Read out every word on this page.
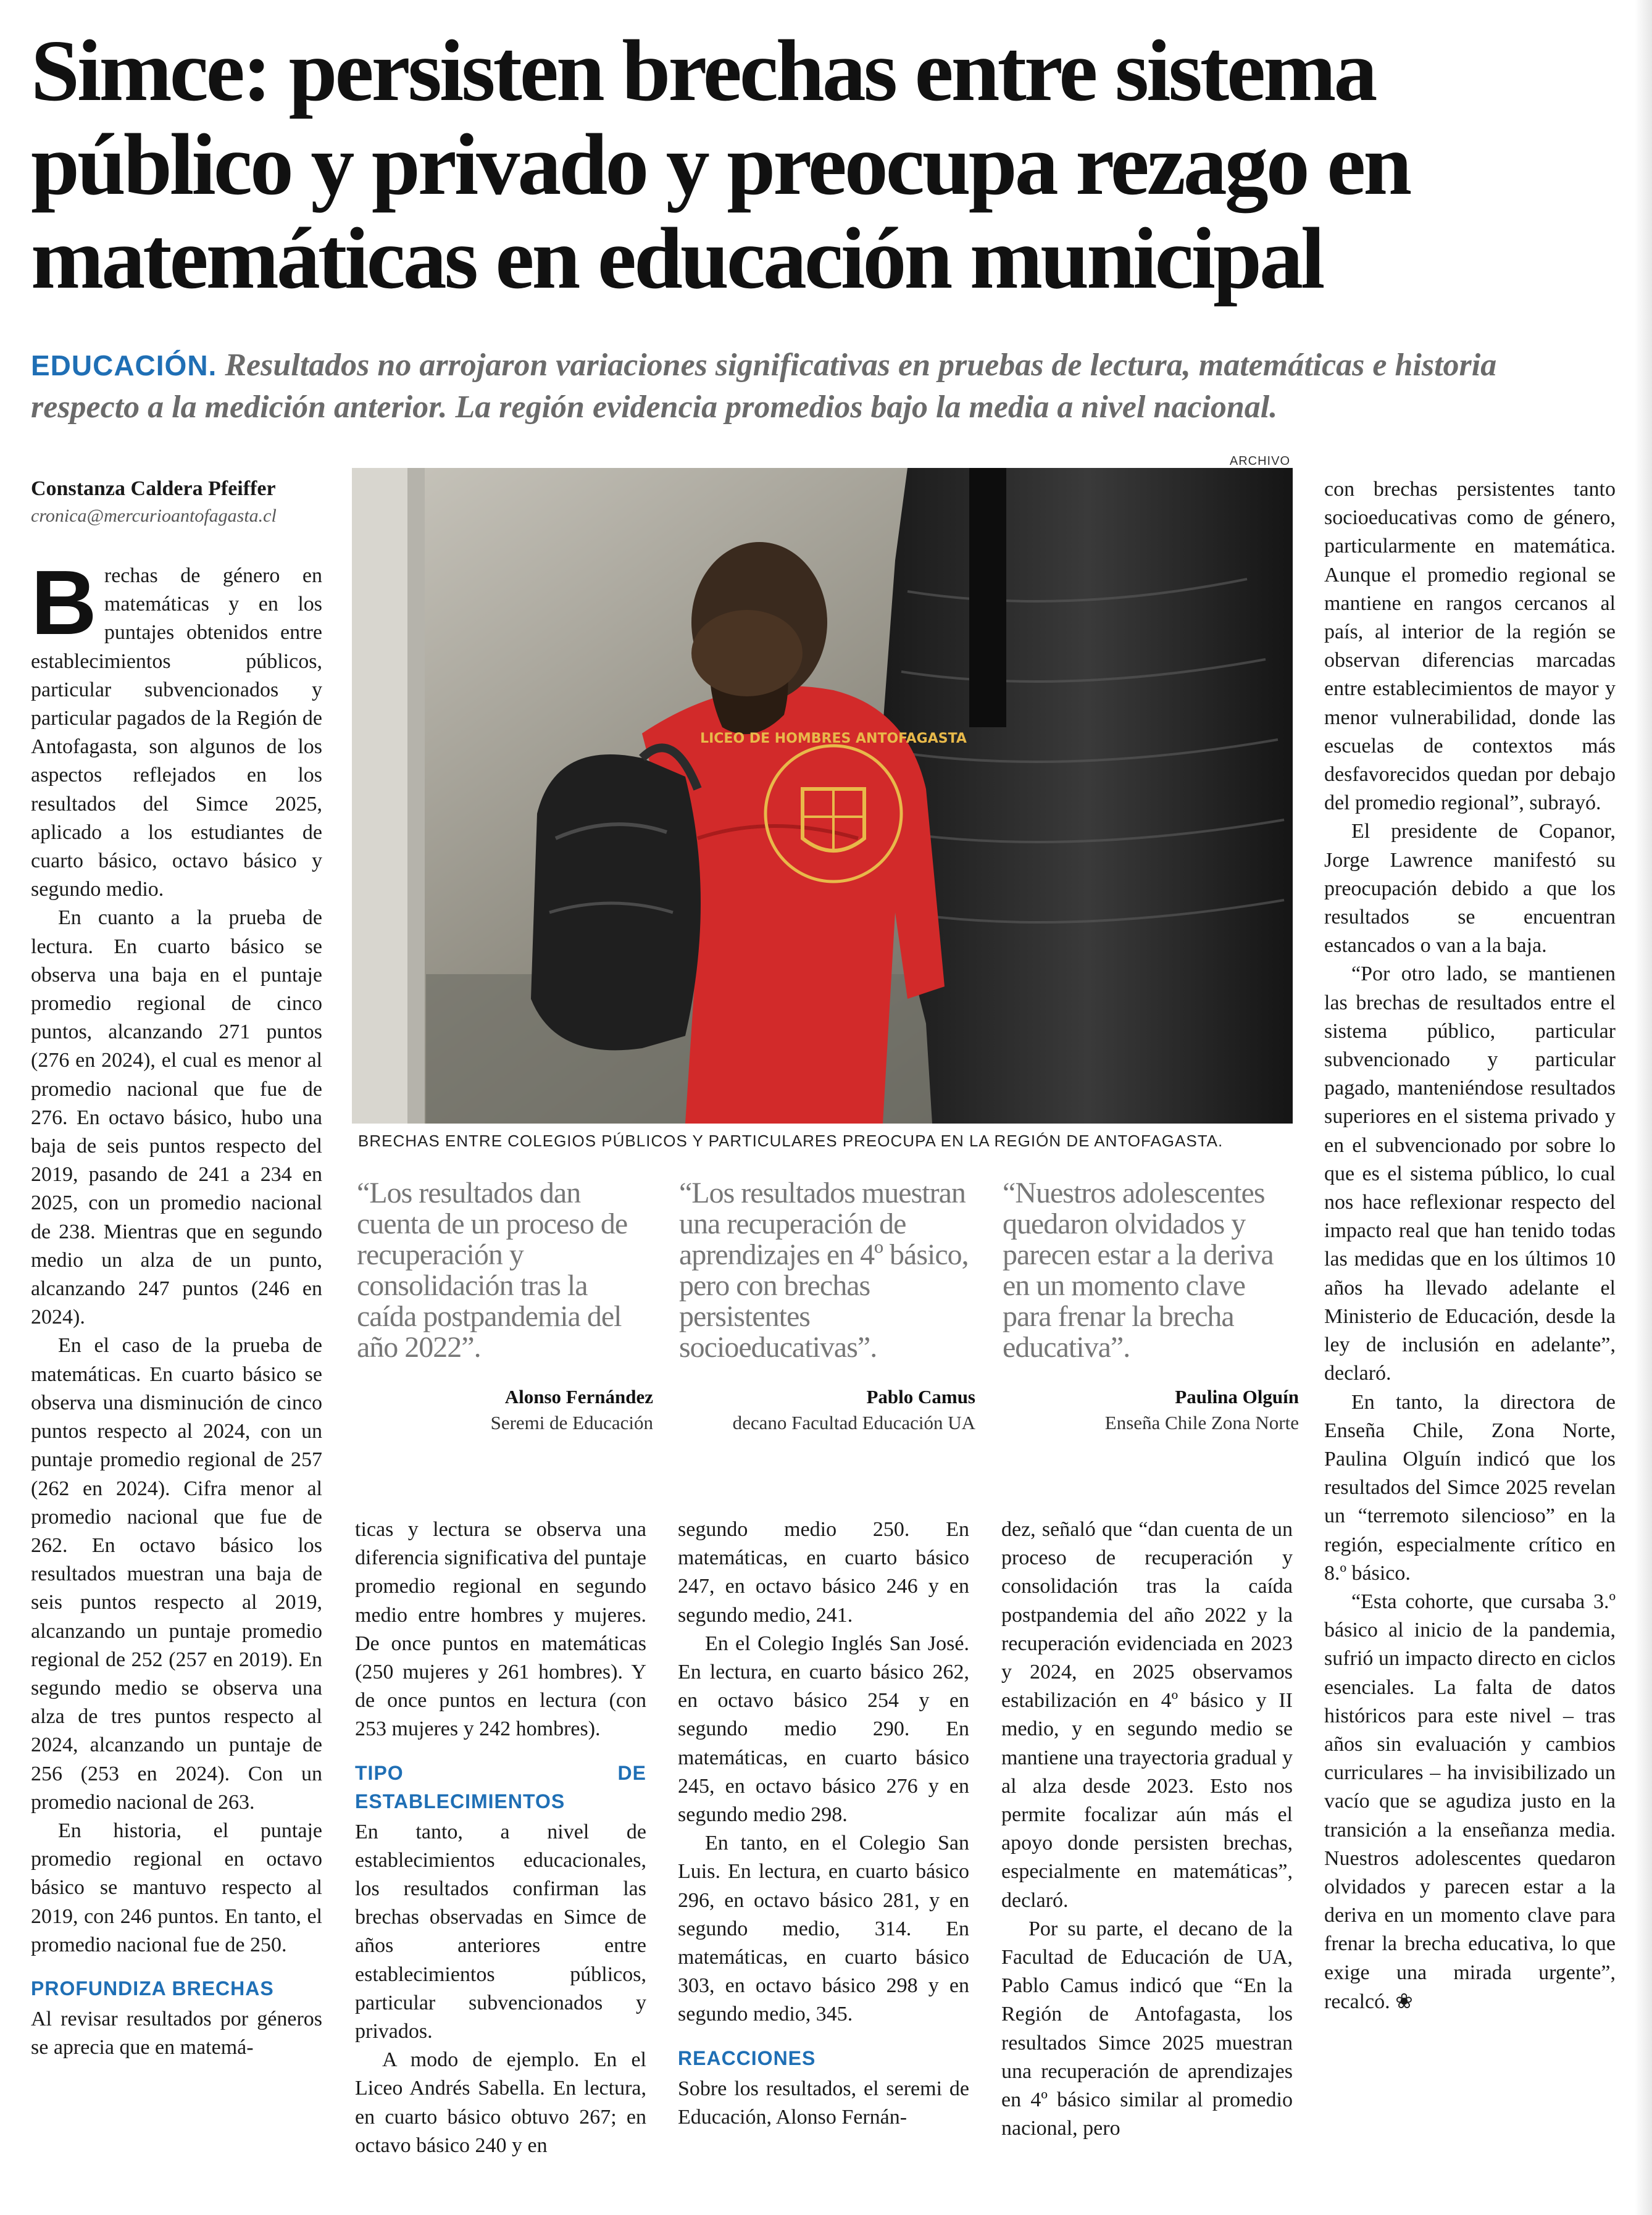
Simce: persisten brechas entre sistema público y privado y preocupa rezago en matemáticas en educación municipal

EDUCACIÓN. Resultados no arrojaron variaciones significativas en pruebas de lectura, matemáticas e historia respecto a la medición anterior. La región evidencia promedios bajo la media a nivel nacional.

Constanza Caldera Pfeiffer
cronica@mercurioantofagasta.cl

Brechas de género en matemáticas y en los puntajes obtenidos entre establecimientos públicos, particular subvencionados y particular pagados de la Región de Antofagasta, son algunos de los aspectos reflejados en los resultados del Simce 2025, aplicado a los estudiantes de cuarto básico, octavo básico y segundo medio.

En cuanto a la prueba de lectura. En cuarto básico se observa una baja en el puntaje promedio regional de cinco puntos, alcanzando 271 puntos (276 en 2024), el cual es menor al promedio nacional que fue de 276. En octavo básico, hubo una baja de seis puntos respecto del 2019, pasando de 241 a 234 en 2025, con un promedio nacional de 238. Mientras que en segundo medio un alza de un punto, alcanzando 247 puntos (246 en 2024).

En el caso de la prueba de matemáticas. En cuarto básico se observa una disminución de cinco puntos respecto al 2024, con un puntaje promedio regional de 257 (262 en 2024). Cifra menor al promedio nacional que fue de 262. En octavo básico los resultados muestran una baja de seis puntos respecto al 2019, alcanzando un puntaje promedio regional de 252 (257 en 2019). En segundo medio se observa una alza de tres puntos respecto al 2024, alcanzando un puntaje de 256 (253 en 2024). Con un promedio nacional de 263.

En historia, el puntaje promedio regional en octavo básico se mantuvo respecto al 2019, con 246 puntos. En tanto, el promedio nacional fue de 250.

PROFUNDIZA BRECHAS

Al revisar resultados por géneros se aprecia que en matemá-

ARCHIVO
LICEO DE HOMBRES ANTOFAGASTA
BRECHAS ENTRE COLEGIOS PÚBLICOS Y PARTICULARES PREOCUPA EN LA REGIÓN DE ANTOFAGASTA.
“Los resultados dan cuenta de un proceso de recuperación y consolidación tras la caída postpandemia del año 2022”.
Alonso Fernández
Seremi de Educación
“Los resultados muestran una recuperación de aprendizajes en 4º básico, pero con brechas persistentes socioeducativas”.
Pablo Camus
decano Facultad Educación UA
“Nuestros adolescentes quedaron olvidados y parecen estar a la deriva en un momento clave para frenar la brecha educativa”.
Paulina Olguín
Enseña Chile Zona Norte

ticas y lectura se observa una diferencia significativa del puntaje promedio regional en segundo medio entre hombres y mujeres. De once puntos en matemáticas (250 mujeres y 261 hombres). Y de once puntos en lectura (con 253 mujeres y 242 hombres).

TIPO DE ESTABLECIMIENTOS

En tanto, a nivel de establecimientos educacionales, los resultados confirman las brechas observadas en Simce de años anteriores entre establecimientos públicos, particular subvencionados y privados.

A modo de ejemplo. En el Liceo Andrés Sabella. En lectura, en cuarto básico obtuvo 267; en octavo básico 240 y en

segundo medio 250. En matemáticas, en cuarto básico 247, en octavo básico 246 y en segundo medio, 241.

En el Colegio Inglés San José. En lectura, en cuarto básico 262, en octavo básico 254 y en segundo medio 290. En matemáticas, en cuarto básico 245, en octavo básico 276 y en segundo medio 298.

En tanto, en el Colegio San Luis. En lectura, en cuarto básico 296, en octavo básico 281, y en segundo medio, 314. En matemáticas, en cuarto básico 303, en octavo básico 298 y en segundo medio, 345.

REACCIONES

Sobre los resultados, el seremi de Educación, Alonso Fernán-

dez, señaló que “dan cuenta de un proceso de recuperación y consolidación tras la caída postpandemia del año 2022 y la recuperación evidenciada en 2023 y 2024, en 2025 observamos estabilización en 4º básico y II medio, y en segundo medio se mantiene una trayectoria gradual y al alza desde 2023. Esto nos permite focalizar aún más el apoyo donde persisten brechas, especialmente en matemáticas”, declaró.

Por su parte, el decano de la Facultad de Educación de UA, Pablo Camus indicó que “En la Región de Antofagasta, los resultados Simce 2025 muestran una recuperación de aprendizajes en 4º básico similar al promedio nacional, pero

con brechas persistentes tanto socioeducativas como de género, particularmente en matemática. Aunque el promedio regional se mantiene en rangos cercanos al país, al interior de la región se observan diferencias marcadas entre establecimientos de mayor y menor vulnerabilidad, donde las escuelas de contextos más desfavorecidos quedan por debajo del promedio regional”, subrayó.

El presidente de Copanor, Jorge Lawrence manifestó su preocupación debido a que los resultados se encuentran estancados o van a la baja.

“Por otro lado, se mantienen las brechas de resultados entre el sistema público, particular subvencionado y particular pagado, manteniéndose resultados superiores en el sistema privado y en el subvencionado por sobre lo que es el sistema público, lo cual nos hace reflexionar respecto del impacto real que han tenido todas las medidas que en los últimos 10 años ha llevado adelante el Ministerio de Educación, desde la ley de inclusión en adelante”, declaró.

En tanto, la directora de Enseña Chile, Zona Norte, Paulina Olguín indicó que los resultados del Simce 2025 revelan un “terremoto silencioso” en la región, especialmente crítico en 8.º básico.

“Esta cohorte, que cursaba 3.º básico al inicio de la pandemia, sufrió un impacto directo en ciclos esenciales. La falta de datos históricos para este nivel – tras años sin evaluación y cambios curriculares – ha invisibilizado un vacío que se agudiza justo en la transición a la enseñanza media. Nuestros adolescentes quedaron olvidados y parecen estar a la deriva en un momento clave para frenar la brecha educativa, lo que exige una mirada urgente”, recalcó. ❀
